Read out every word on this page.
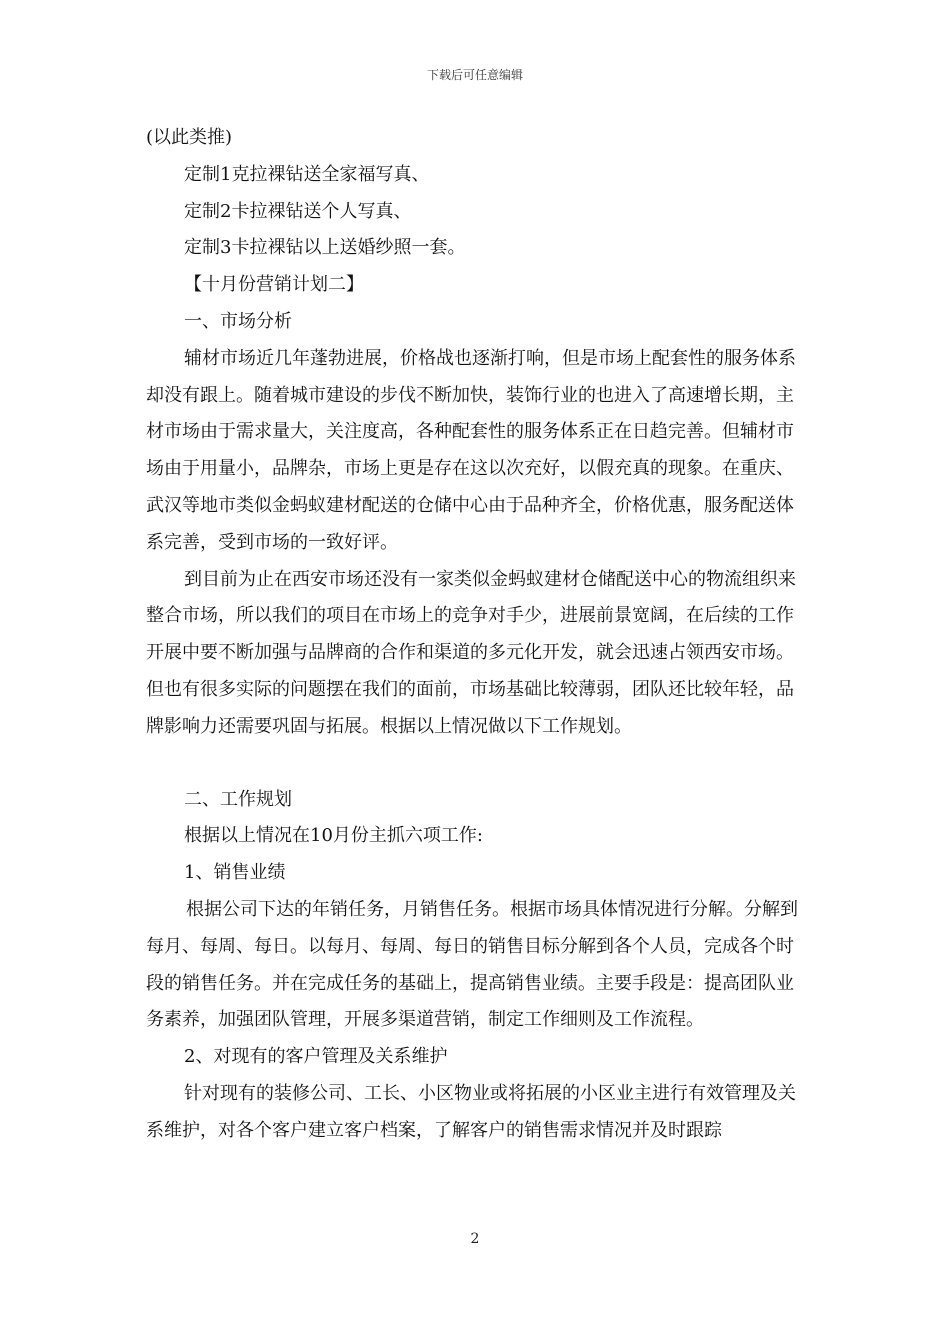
下载后可任意编辑

(以此类推)

定制1克拉裸钻送全家福写真、

定制2卡拉裸钻送个人写真、

定制3卡拉裸钻以上送婚纱照一套。

【十月份营销计划二】

一、市场分析

辅材市场近几年蓬勃进展，价格战也逐渐打响，但是市场上配套性的服务体系却没有跟上。随着城市建设的步伐不断加快，装饰行业的也进入了高速增长期，主材市场由于需求量大，关注度高，各种配套性的服务体系正在日趋完善。但辅材市场由于用量小，品牌杂，市场上更是存在这以次充好，以假充真的现象。在重庆、武汉等地市类似金蚂蚁建材配送的仓储中心由于品种齐全，价格优惠，服务配送体系完善，受到市场的一致好评。

到目前为止在西安市场还没有一家类似金蚂蚁建材仓储配送中心的物流组织来整合市场，所以我们的项目在市场上的竞争对手少，进展前景宽阔，在后续的工作开展中要不断加强与品牌商的合作和渠道的多元化开发，就会迅速占领西安市场。但也有很多实际的问题摆在我们的面前，市场基础比较薄弱，团队还比较年轻，品牌影响力还需要巩固与拓展。根据以上情况做以下工作规划。

二、工作规划

根据以上情况在10月份主抓六项工作:

1、销售业绩

根据公司下达的年销任务，月销售任务。根据市场具体情况进行分解。分解到每月、每周、每日。以每月、每周、每日的销售目标分解到各个人员，完成各个时段的销售任务。并在完成任务的基础上，提高销售业绩。主要手段是：提高团队业务素养，加强团队管理，开展多渠道营销，制定工作细则及工作流程。

2、对现有的客户管理及关系维护

针对现有的装修公司、工长、小区物业或将拓展的小区业主进行有效管理及关系维护，对各个客户建立客户档案，了解客户的销售需求情况并及时跟踪

2
